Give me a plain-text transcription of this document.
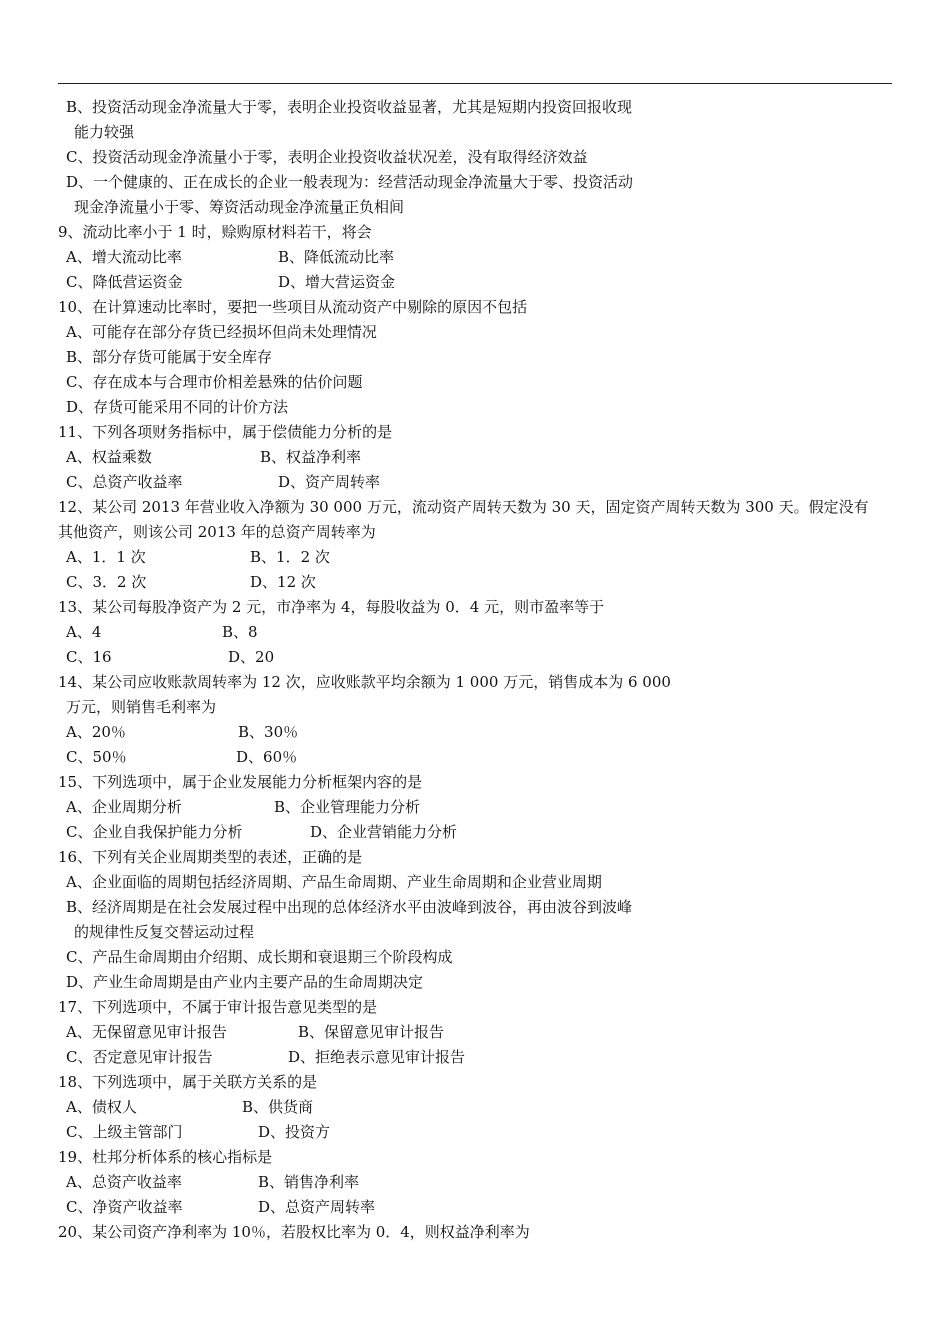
B、投资活动现金净流量大于零，表明企业投资收益显著，尤其是短期内投资回报收现
能力较强
C、投资活动现金净流量小于零，表明企业投资收益状况差，没有取得经济效益
D、一个健康的、正在成长的企业一般表现为：经营活动现金净流量大于零、投资活动
现金净流量小于零、筹资活动现金净流量正负相间
9、流动比率小于 1 时，赊购原材料若干，将会
A、增大流动比率	B、降低流动比率
C、降低营运资金	D、增大营运资金
10、在计算速动比率时，要把一些项目从流动资产中剔除的原因不包括
A、可能存在部分存货已经损坏但尚未处理情况
B、部分存货可能属于安全库存
C、存在成本与合理市价相差悬殊的估价问题
D、存货可能采用不同的计价方法
11、下列各项财务指标中，属于偿债能力分析的是
A、权益乘数	B、权益净利率
C、总资产收益率	D、资产周转率
12、某公司 2013 年营业收入净额为 30 000 万元，流动资产周转天数为 30 天，固定资产周转天数为 300 天。假定没有
其他资产，则该公司 2013 年的总资产周转率为
A、1．1 次	B、1．2 次
C、3．2 次	D、12 次
13、某公司每股净资产为 2 元，市净率为 4，每股收益为 0．4 元，则市盈率等于
A、4	B、8
C、16	D、20
14、某公司应收账款周转率为 12 次，应收账款平均余额为 1 000 万元，销售成本为 6 000
万元，则销售毛利率为
A、20％	B、30％
C、50％	D、60％
15、下列选项中，属于企业发展能力分析框架内容的是
A、企业周期分析	B、企业管理能力分析
C、企业自我保护能力分析	D、企业营销能力分析
16、下列有关企业周期类型的表述，正确的是
A、企业面临的周期包括经济周期、产品生命周期、产业生命周期和企业营业周期
B、经济周期是在社会发展过程中出现的总体经济水平由波峰到波谷，再由波谷到波峰
的规律性反复交替运动过程
C、产品生命周期由介绍期、成长期和衰退期三个阶段构成
D、产业生命周期是由产业内主要产品的生命周期决定
17、下列选项中，不属于审计报告意见类型的是
A、无保留意见审计报告	B、保留意见审计报告
C、否定意见审计报告	D、拒绝表示意见审计报告
18、下列选项中，属于关联方关系的是
A、债权人	B、供货商
C、上级主管部门	D、投资方
19、杜邦分析体系的核心指标是
A、总资产收益率	B、销售净利率
C、净资产收益率	D、总资产周转率
20、某公司资产净利率为 10％，若股权比率为 0．4，则权益净利率为
